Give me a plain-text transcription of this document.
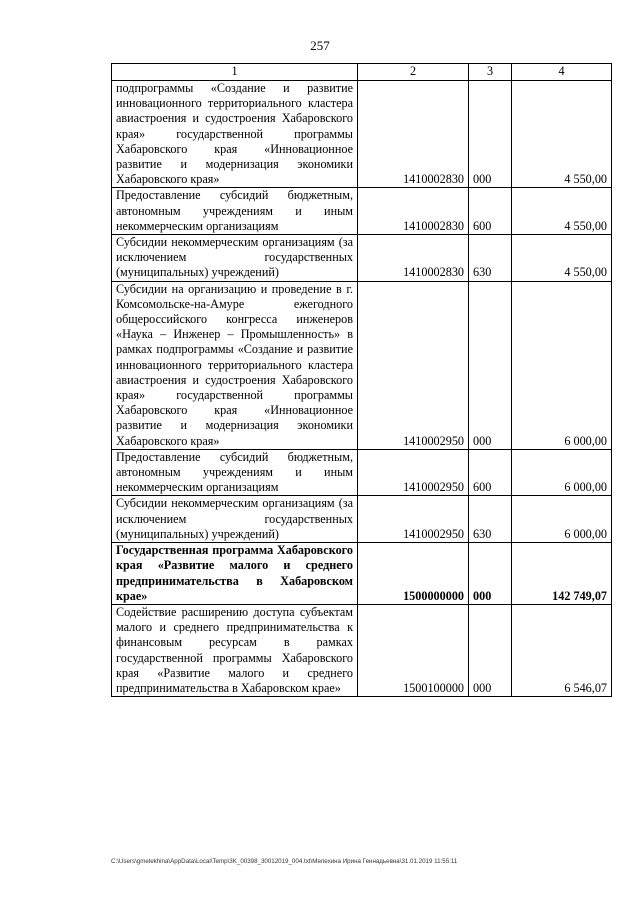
257
1	2	3	4
подпрограммы «Создание и развитие инновационного территориального кластера авиастроения и судостроения Хабаровского края» государственной программы Хабаровского края «Инновационное развитие и модернизация экономики Хабаровского края»	1410002830	000	4 550,00
Предоставление субсидий бюджетным, автономным учреждениям и иным некоммерческим организациям	1410002830	600	4 550,00
Субсидии некоммерческим организациям (за исключением государственных (муниципальных) учреждений)	1410002830	630	4 550,00
Субсидии на организацию и проведение в г. Комсомольске-на-Амуре ежегодного общероссийского конгресса инженеров «Наука – Инженер – Промышленность» в рамках подпрограммы «Создание и развитие инновационного территориального кластера авиастроения и судостроения Хабаровского края» государственной программы Хабаровского края «Инновационное развитие и модернизация экономики Хабаровского края»	1410002950	000	6 000,00
Предоставление субсидий бюджетным, автономным учреждениям и иным некоммерческим организациям	1410002950	600	6 000,00
Субсидии некоммерческим организациям (за исключением государственных (муниципальных) учреждений)	1410002950	630	6 000,00
Государственная программа Хабаровского края «Развитие малого и среднего предпринимательства в Хабаровском крае»	1500000000	000	142 749,07
Содействие расширению доступа субъектам малого и среднего предпринимательства к финансовым ресурсам в рамках государственной программы Хабаровского края «Развитие малого и среднего предпринимательства в Хабаровском крае»	1500100000	000	6 546,07
C:\Users\gmelekhina\AppData\Local\Temp\3K_00398_30012019_004.txt\Мелехина Ирина Геннадьевна\31.01.2019 11:55:11
